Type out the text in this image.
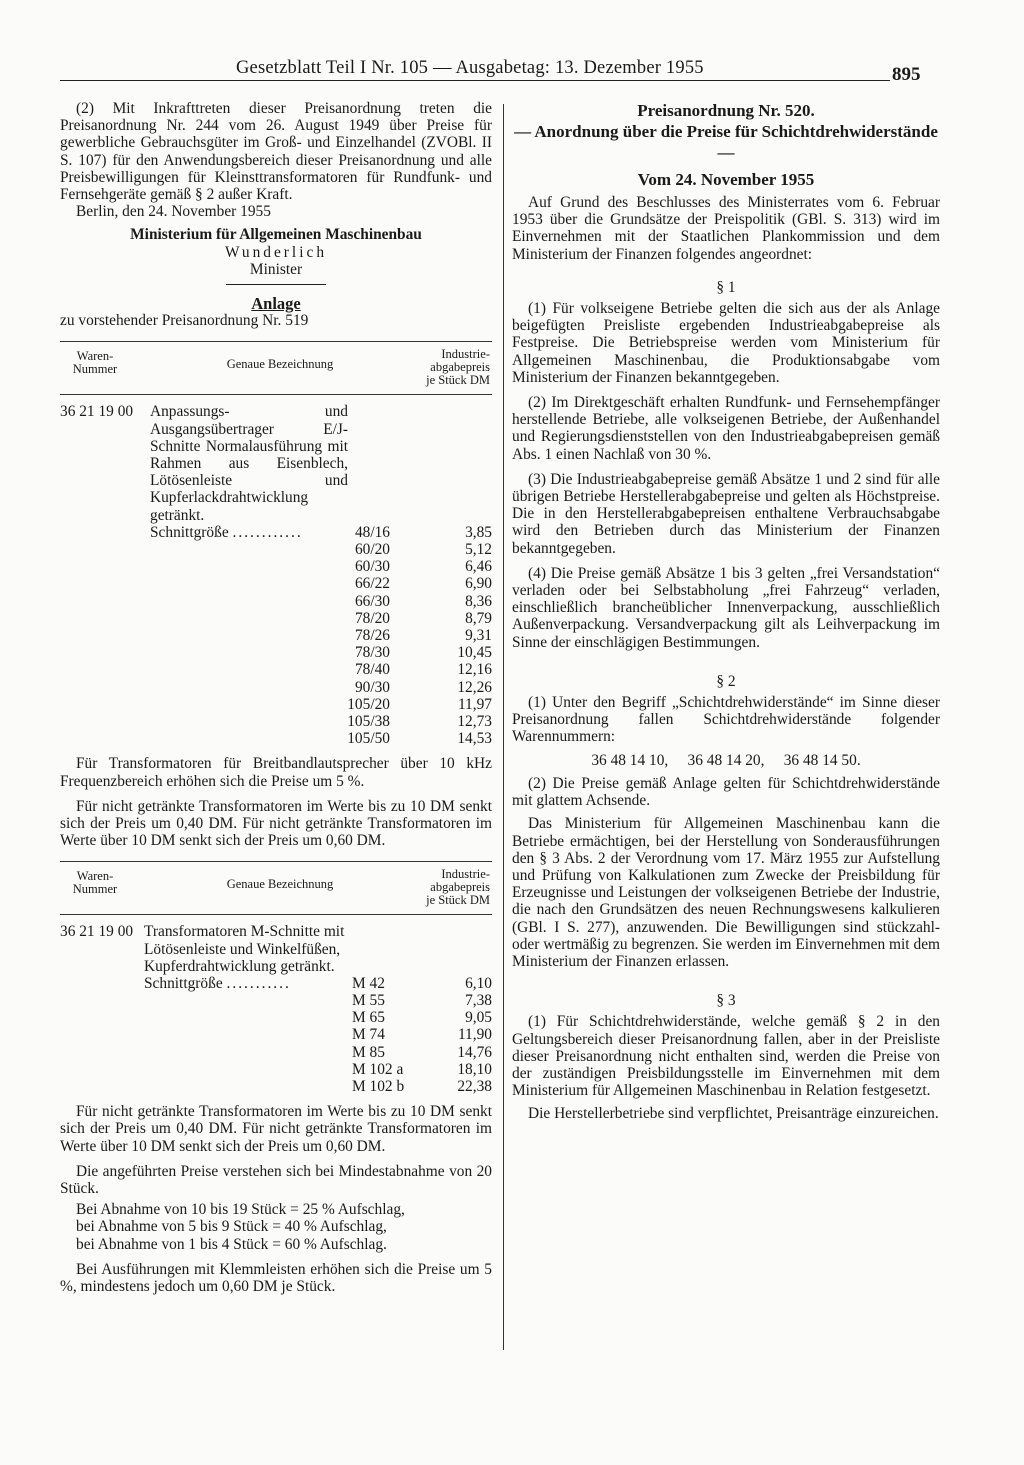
Gesetzblatt Teil I Nr. 105 — Ausgabetag: 13. Dezember 1955	895

(2) Mit Inkrafttreten dieser Preisanordnung treten die Preisanordnung Nr. 244 vom 26. August 1949 über Preise für gewerbliche Gebrauchsgüter im Groß- und Einzelhandel (ZVOBl. II S. 107) für den Anwendungsbereich dieser Preisanordnung und alle Preisbewilligungen für Kleinsttransformatoren für Rundfunk- und Fernsehgeräte gemäß § 2 außer Kraft.

Berlin, den 24. November 1955

Ministerium für Allgemeinen Maschinenbau

Wunderlich

Minister

Anlage

zu vorstehender Preisanordnung Nr. 519

Waren-
Nummer	Genaue Bezeichnung
Industrie-
abgabepreis
je Stück DM
36 21 19 00 Anpassungs- und Ausgangsübertrager E/J-Schnitte Normalausführung mit Rahmen aus Eisenblech, Lötösenleiste und Kupferlackdrahtwicklung getränkt.
Schnittgröße ............	48/16	3,85
60/20	5,12
60/30	6,46
66/22	6,90
66/30	8,36
78/20	8,79
78/26	9,31
78/30	10,45
78/40	12,16
90/30	12,26
105/20	11,97
105/38	12,73
105/50	14,53

Für Transformatoren für Breitbandlautsprecher über 10 kHz Frequenzbereich erhöhen sich die Preise um 5 %.

Für nicht getränkte Transformatoren im Werte bis zu 10 DM senkt sich der Preis um 0,40 DM. Für nicht getränkte Transformatoren im Werte über 10 DM senkt sich der Preis um 0,60 DM.

Waren-
Nummer	Genaue Bezeichnung
Industrie-
abgabepreis
je Stück DM
36 21 19 00 Transformatoren M-Schnitte mit Lötösenleiste und Winkelfüßen, Kupferdrahtwicklung getränkt.
Schnittgröße ...........	M 42	6,10
M 55	7,38
M 65	9,05
M 74	11,90
M 85	14,76
M 102 a	18,10
M 102 b	22,38

Für nicht getränkte Transformatoren im Werte bis zu 10 DM senkt sich der Preis um 0,40 DM. Für nicht getränkte Transformatoren im Werte über 10 DM senkt sich der Preis um 0,60 DM.

Die angeführten Preise verstehen sich bei Mindestabnahme von 20 Stück.

Bei Abnahme von 10 bis 19 Stück = 25 % Aufschlag,

bei Abnahme von 5 bis 9 Stück = 40 % Aufschlag,

bei Abnahme von 1 bis 4 Stück = 60 % Aufschlag.

Bei Ausführungen mit Klemmleisten erhöhen sich die Preise um 5 %, mindestens jedoch um 0,60 DM je Stück.

Preisanordnung Nr. 520.

— Anordnung über die Preise für Schichtdrehwiderstände —

Vom 24. November 1955

Auf Grund des Beschlusses des Ministerrates vom 6. Februar 1953 über die Grundsätze der Preispolitik (GBl. S. 313) wird im Einvernehmen mit der Staatlichen Plankommission und dem Ministerium der Finanzen folgendes angeordnet:

§ 1

(1) Für volkseigene Betriebe gelten die sich aus der als Anlage beigefügten Preisliste ergebenden Industrieabgabepreise als Festpreise. Die Betriebspreise werden vom Ministerium für Allgemeinen Maschinenbau, die Produktionsabgabe vom Ministerium der Finanzen bekanntgegeben.

(2) Im Direktgeschäft erhalten Rundfunk- und Fernsehempfänger herstellende Betriebe, alle volkseigenen Betriebe, der Außenhandel und Regierungsdienststellen von den Industrieabgabepreisen gemäß Abs. 1 einen Nachlaß von 30 %.

(3) Die Industrieabgabepreise gemäß Absätze 1 und 2 sind für alle übrigen Betriebe Herstellerabgabepreise und gelten als Höchstpreise. Die in den Herstellerabgabepreisen enthaltene Verbrauchsabgabe wird den Betrieben durch das Ministerium der Finanzen bekanntgegeben.

(4) Die Preise gemäß Absätze 1 bis 3 gelten „frei Versandstation“ verladen oder bei Selbstabholung „frei Fahrzeug“ verladen, einschließlich brancheüblicher Innenverpackung, ausschließlich Außenverpackung. Versandverpackung gilt als Leihverpackung im Sinne der einschlägigen Bestimmungen.

§ 2

(1) Unter den Begriff „Schichtdrehwiderstände“ im Sinne dieser Preisanordnung fallen Schichtdrehwiderstände folgender Warennummern:

36 48 14 10,     36 48 14 20,     36 48 14 50.

(2) Die Preise gemäß Anlage gelten für Schichtdrehwiderstände mit glattem Achsende.

Das Ministerium für Allgemeinen Maschinenbau kann die Betriebe ermächtigen, bei der Herstellung von Sonderausführungen den § 3 Abs. 2 der Verordnung vom 17. März 1955 zur Aufstellung und Prüfung von Kalkulationen zum Zwecke der Preisbildung für Erzeugnisse und Leistungen der volkseigenen Betriebe der Industrie, die nach den Grundsätzen des neuen Rechnungswesens kalkulieren (GBl. I S. 277), anzuwenden. Die Bewilligungen sind stückzahl- oder wertmäßig zu begrenzen. Sie werden im Einvernehmen mit dem Ministerium der Finanzen erlassen.

§ 3

(1) Für Schichtdrehwiderstände, welche gemäß § 2 in den Geltungsbereich dieser Preisanordnung fallen, aber in der Preisliste dieser Preisanordnung nicht enthalten sind, werden die Preise von der zuständigen Preisbildungsstelle im Einvernehmen mit dem Ministerium für Allgemeinen Maschinenbau in Relation festgesetzt.

Die Herstellerbetriebe sind verpflichtet, Preisanträge einzureichen.
